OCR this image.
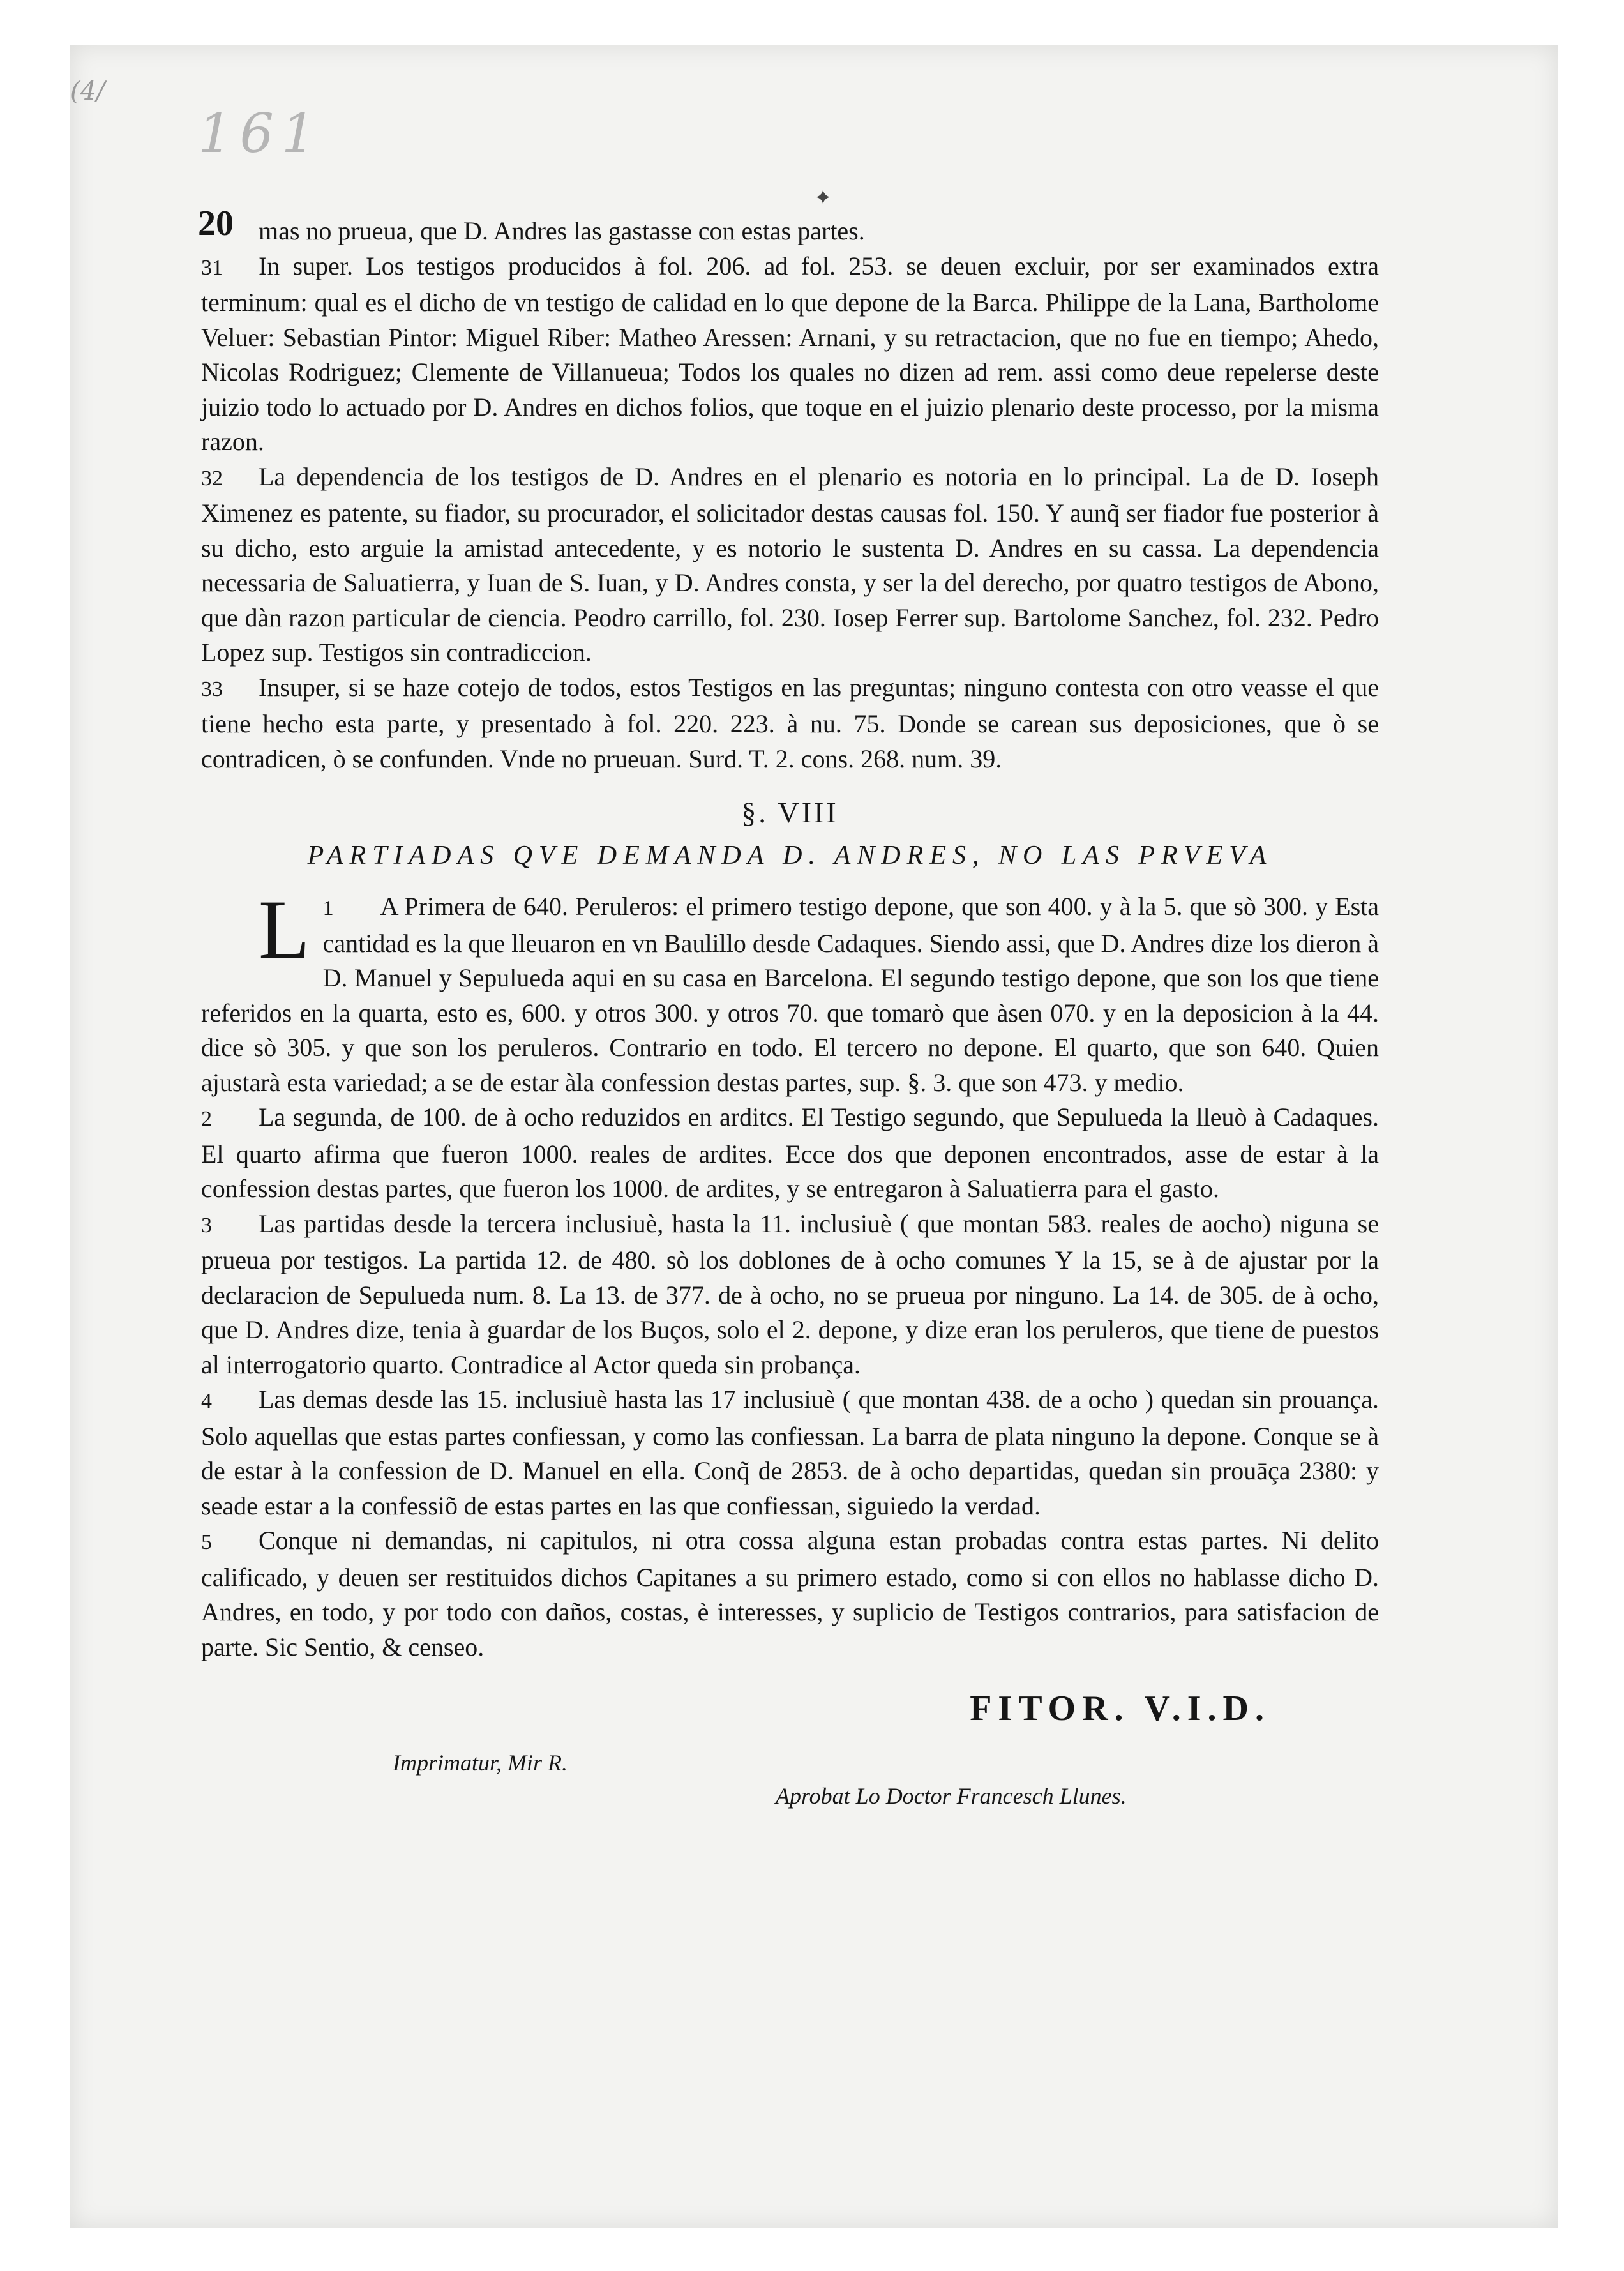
(4/
161
✦
20 mas no prueua, que D. Andres las gastasse con estas partes.

31 In super. Los testigos producidos à fol. 206. ad fol. 253. se deuen excluir, por ser examinados extra terminum: qual es el dicho de vn testigo de calidad en lo que depone de la Barca. Philippe de la Lana, Bartholome Veluer: Sebastian Pintor: Miguel Riber: Matheo Aressen: Arnani, y su retractacion, que no fue en tiempo; Ahedo, Nicolas Rodriguez; Clemente de Villanueua; Todos los quales no dizen ad rem. assi como deue repelerse deste juizio todo lo actuado por D. Andres en dichos folios, que toque en el juizio plenario deste processo, por la misma razon.

32 La dependencia de los testigos de D. Andres en el plenario es notoria en lo principal. La de D. Ioseph Ximenez es patente, su fiador, su procurador, el solicitador destas causas fol. 150. Y aunq̃ ser fiador fue posterior à su dicho, esto arguie la amistad antecedente, y es notorio le sustenta D. Andres en su cassa. La dependencia necessaria de Saluatierra, y Iuan de S. Iuan, y D. Andres consta, y ser la del derecho, por quatro testigos de Abono, que dàn razon particular de ciencia. Peodro carrillo, fol. 230. Iosep Ferrer sup. Bartolome Sanchez, fol. 232. Pedro Lopez sup. Testigos sin contradiccion.

33 Insuper, si se haze cotejo de todos, estos Testigos en las preguntas; ninguno contesta con otro veasse el que tiene hecho esta parte, y presentado à fol. 220. 223. à nu. 75. Donde se carean sus deposiciones, que ò se contradicen, ò se confunden. Vnde no prueuan. Surd. T. 2. cons. 268. num. 39.

§. VIII
PARTIADAS QVE DEMANDA D. ANDRES, NO LAS PRVEVA

1
L	A Primera de 640. Peruleros: el primero testigo depone, que son 400. y à la 5. que sò 300. y Esta cantidad es la que lleuaron en vn Baulillo desde Cadaques. Siendo assi, que D. Andres dize los dieron à D. Manuel y Sepulueda aqui en su casa en Barcelona. El segundo testigo depone, que son los que tiene referidos en la quarta, esto es, 600. y otros 300. y otros 70. que tomarò que àsen 070. y en la deposicion à la 44. dice sò 305. y que son los peruleros. Contrario en todo. El tercero no depone. El quarto, que son 640. Quien ajustarà esta variedad; a se de estar àla confession destas partes, sup. §. 3. que son 473. y medio.

2 La segunda, de 100. de à ocho reduzidos en arditcs. El Testigo segundo, que Sepulueda la lleuò à Cadaques. El quarto afirma que fueron 1000. reales de ardites. Ecce dos que deponen encontrados, asse de estar à la confession destas partes, que fueron los 1000. de ardites, y se entregaron à Saluatierra para el gasto.

3 Las partidas desde la tercera inclusiuè, hasta la 11. inclusiuè ( que montan 583. reales de aocho) niguna se prueua por testigos. La partida 12. de 480. sò los doblones de à ocho comunes Y la 15, se à de ajustar por la declaracion de Sepulueda num. 8. La 13. de 377. de à ocho, no se prueua por ninguno. La 14. de 305. de à ocho, que D. Andres dize, tenia à guardar de los Buços, solo el 2. depone, y dize eran los peruleros, que tiene de puestos al interrogatorio quarto. Contradice al Actor queda sin probança.

4 Las demas desde las 15. inclusiuè hasta las 17 inclusiuè ( que montan 438. de a ocho ) quedan sin prouança. Solo aquellas que estas partes confiessan, y como las confiessan. La barra de plata ninguno la depone. Conque se à de estar à la confession de D. Manuel en ella. Conq̃ de 2853. de à ocho departidas, quedan sin prouāça 2380: y seade estar a la confessiõ de estas partes en las que confiessan, siguiedo la verdad.

5 Conque ni demandas, ni capitulos, ni otra cossa alguna estan probadas contra estas partes. Ni delito calificado, y deuen ser restituidos dichos Capitanes a su primero estado, como si con ellos no hablasse dicho D. Andres, en todo, y por todo con daños, costas, è interesses, y suplicio de Testigos contrarios, para satisfacion de parte. Sic Sentio, & censeo.

FITOR. V.I.D.
Imprimatur, Mir R.
Aprobat Lo Doctor Francesch Llunes.
